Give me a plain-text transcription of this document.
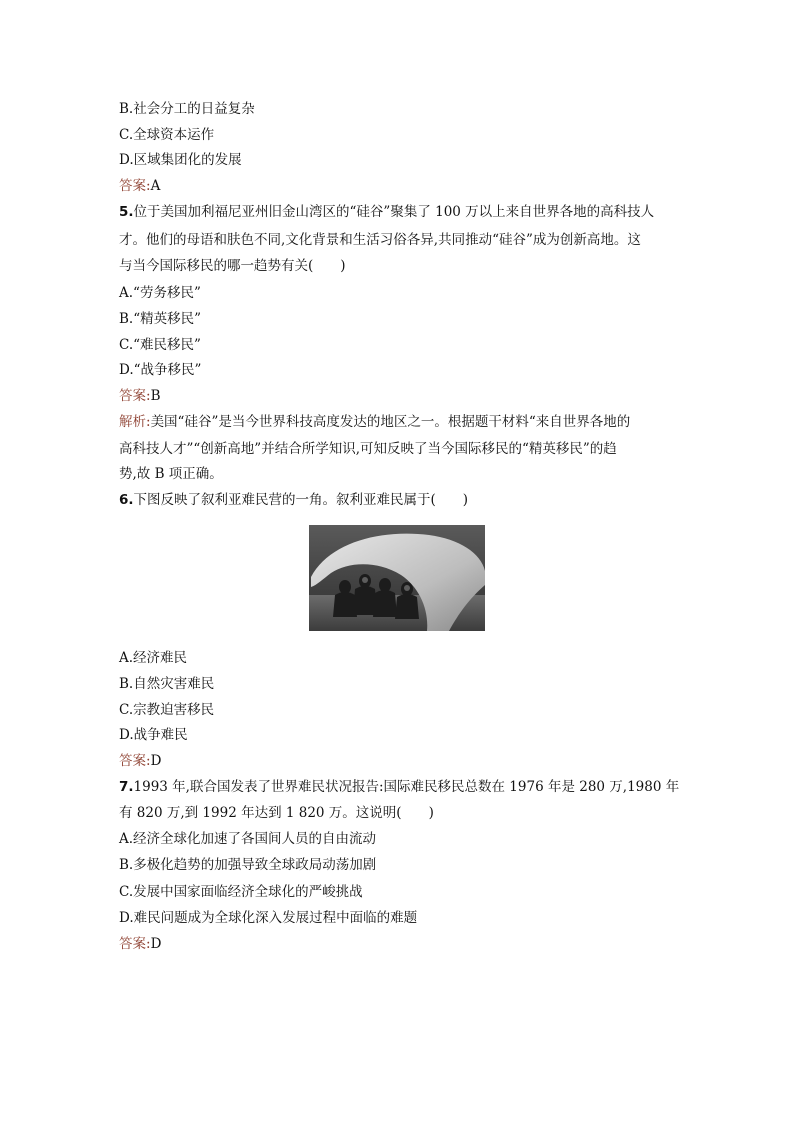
B.社会分工的日益复杂
C.全球资本运作
D.区域集团化的发展
答案:A
5.位于美国加利福尼亚州旧金山湾区的“硅谷”聚集了 100 万以上来自世界各地的高科技人
才。他们的母语和肤色不同,文化背景和生活习俗各异,共同推动“硅谷”成为创新高地。这
与当今国际移民的哪一趋势有关(　　)
A.“劳务移民”
B.“精英移民”
C.“难民移民”
D.“战争移民”
答案:B
解析:美国“硅谷”是当今世界科技高度发达的地区之一。根据题干材料“来自世界各地的
高科技人才”“创新高地”并结合所学知识,可知反映了当今国际移民的“精英移民”的趋
势,故 B 项正确。
6.下图反映了叙利亚难民营的一角。叙利亚难民属于(　　)
A.经济难民
B.自然灾害难民
C.宗教迫害移民
D.战争难民
答案:D
7.1993 年,联合国发表了世界难民状况报告:国际难民移民总数在 1976 年是 280 万,1980 年
有 820 万,到 1992 年达到 1 820 万。这说明(　　)
A.经济全球化加速了各国间人员的自由流动
B.多极化趋势的加强导致全球政局动荡加剧
C.发展中国家面临经济全球化的严峻挑战
D.难民问题成为全球化深入发展过程中面临的难题
答案:D
